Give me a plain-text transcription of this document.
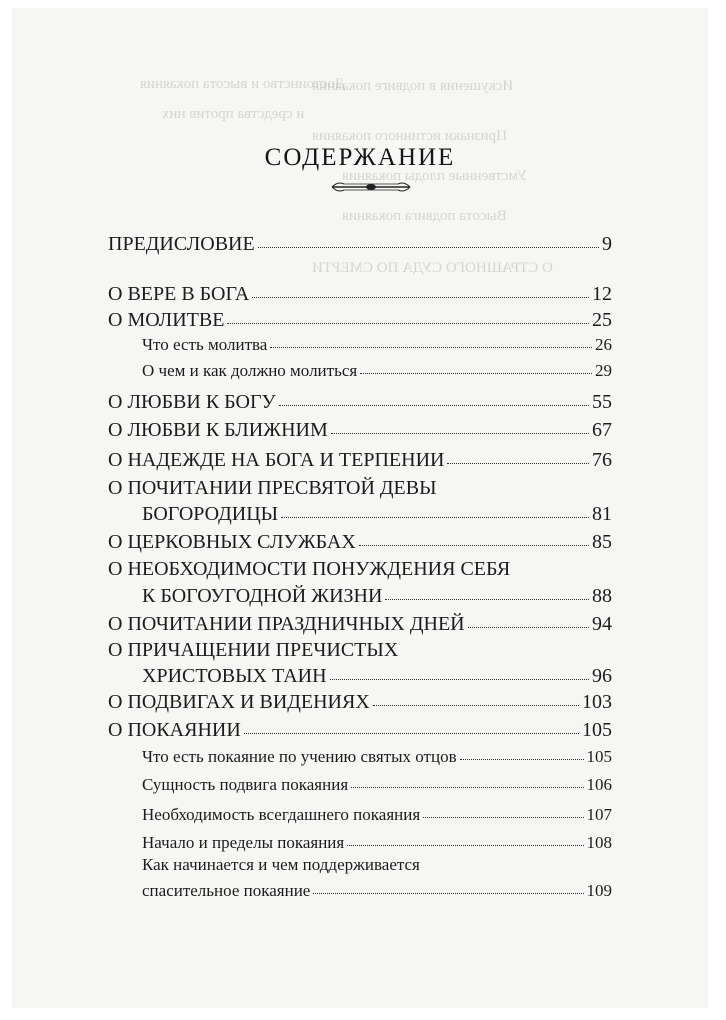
Достоинство и высота покаяния
Искушения в подвиге покаяния
и средства против них
Признаки истинного покаяния
Умственные плоды покаяния
Высота подвига покаяния
О СТРАШНОГО СУДА ПО СМЕРТИ
СОДЕРЖАНИЕ
ПРЕДИСЛОВИЕ	9
О ВЕРЕ В БОГА	12
О МОЛИТВЕ	25
Что есть молитва	26
О чем и как должно молиться	29
О ЛЮБВИ К БОГУ	55
О ЛЮБВИ К БЛИЖНИМ	67
О НАДЕЖДЕ НА БОГА И ТЕРПЕНИИ	76
О ПОЧИТАНИИ ПРЕСВЯТОЙ ДЕВЫ
БОГОРОДИЦЫ	81
О ЦЕРКОВНЫХ СЛУЖБАХ	85
О НЕОБХОДИМОСТИ ПОНУЖДЕНИЯ СЕБЯ
К БОГОУГОДНОЙ ЖИЗНИ	88
О ПОЧИТАНИИ ПРАЗДНИЧНЫХ ДНЕЙ	94
О ПРИЧАЩЕНИИ ПРЕЧИСТЫХ
ХРИСТОВЫХ ТАИН	96
О ПОДВИГАХ И ВИДЕНИЯХ	103
О ПОКАЯНИИ	105
Что есть покаяние по учению святых отцов	105
Сущность подвига покаяния	106
Необходимость всегдашнего покаяния	107
Начало и пределы покаяния	108
Как начинается и чем поддерживается
спасительное покаяние	109
